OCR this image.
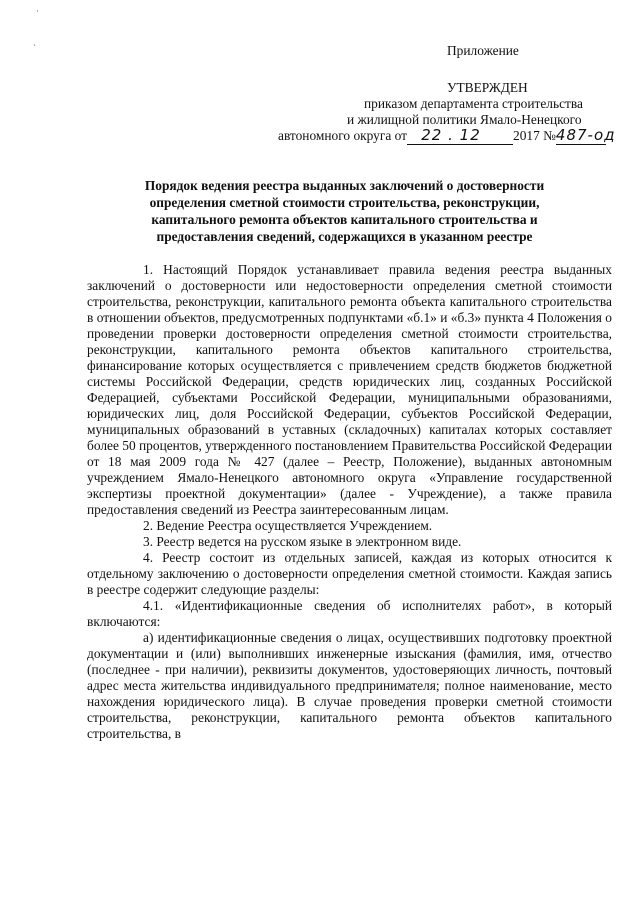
·
ˎ
Приложение
УТВЕРЖДЕН
приказом департамента строительства
и жилищной политики Ямало-Ненецкого
автономного округа от 22 . 12 2017 №487-од
Порядок ведения реестра выданных заключений о достоверности определения сметной стоимости строительства, реконструкции, капитального ремонта объектов капитального строительства и предоставления сведений, содержащихся в указанном реестре

1. Настоящий Порядок устанавливает правила ведения реестра выданных заключений о достоверности или недостоверности определения сметной стоимости строительства, реконструкции, капитального ремонта объекта капитального строительства в отношении объектов, предусмотренных подпунктами «б.1» и «б.3» пункта 4 Положения о проведении проверки достоверности определения сметной стоимости строительства, реконструкции, капитального ремонта объектов капитального строительства, финансирование которых осуществляется с привлечением средств бюджетов бюджетной системы Российской Федерации, средств юридических лиц, созданных Российской Федерацией, субъектами Российской Федерации, муниципальными образованиями, юридических лиц, доля Российской Федерации, субъектов Российской Федерации, муниципальных образований в уставных (складочных) капиталах которых составляет более 50 процентов, утвержденного постановлением Правительства Российской Федерации от 18 мая 2009 года № 427 (далее – Реестр, Положение), выданных автономным учреждением Ямало-Ненецкого автономного округа «Управление государственной экспертизы проектной документации» (далее - Учреждение), а также правила предоставления сведений из Реестра заинтересованным лицам.

2. Ведение Реестра осуществляется Учреждением.

3. Реестр ведется на русском языке в электронном виде.

4. Реестр состоит из отдельных записей, каждая из которых относится к отдельному заключению о достоверности определения сметной стоимости. Каждая запись в реестре содержит следующие разделы:

4.1. «Идентификационные сведения об исполнителях работ», в который включаются:

а) идентификационные сведения о лицах, осуществивших подготовку проектной документации и (или) выполнивших инженерные изыскания (фамилия, имя, отчество (последнее - при наличии), реквизиты документов, удостоверяющих личность, почтовый адрес места жительства индивидуального предпринимателя; полное наименование, место нахождения юридического лица). В случае проведения проверки сметной стоимости строительства, реконструкции, капитального ремонта объектов капитального строительства, в
